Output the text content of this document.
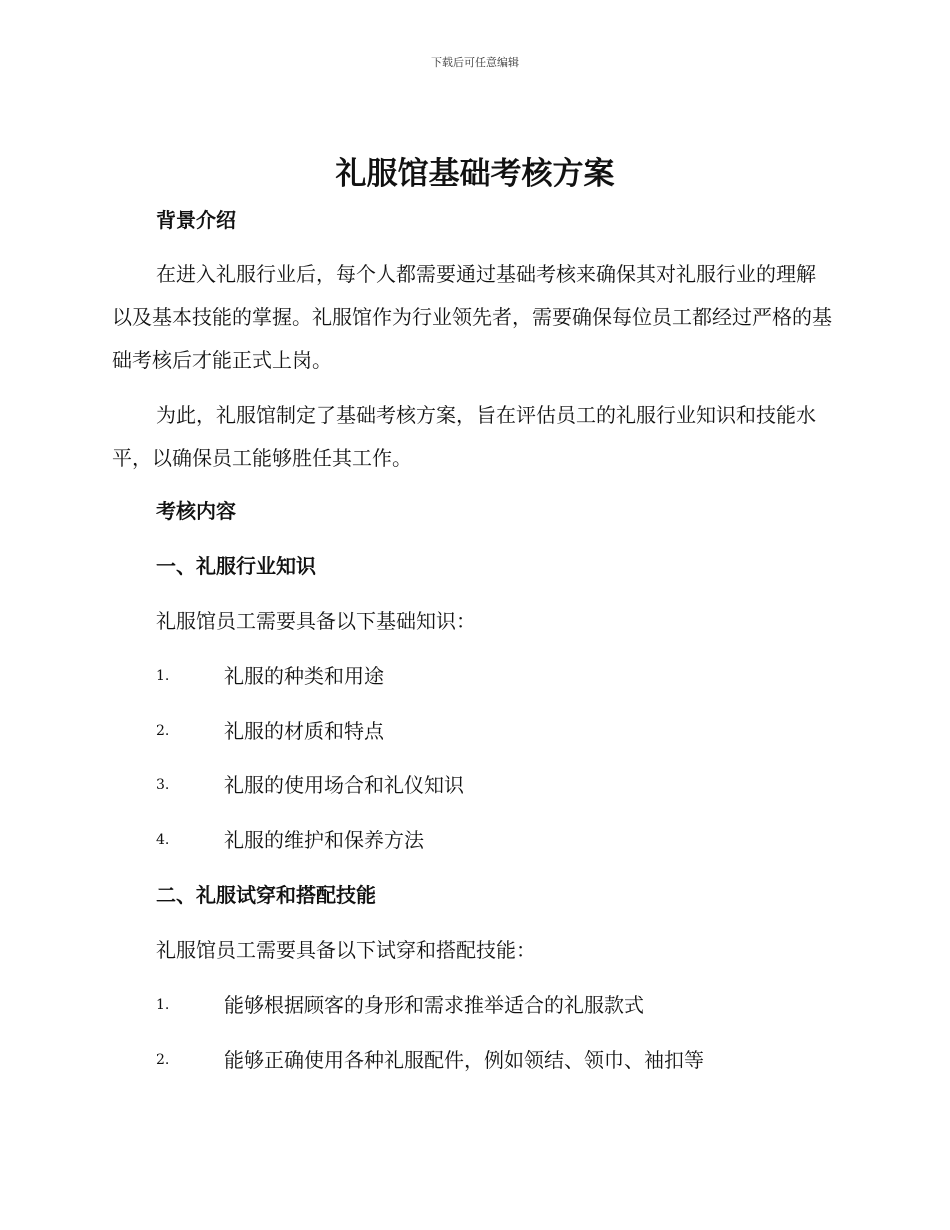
下载后可任意编辑
礼服馆基础考核方案
背景介绍

在进入礼服行业后，每个人都需要通过基础考核来确保其对礼服行业的理解以及基本技能的掌握。礼服馆作为行业领先者，需要确保每位员工都经过严格的基础考核后才能正式上岗。

为此，礼服馆制定了基础考核方案，旨在评估员工的礼服行业知识和技能水平，以确保员工能够胜任其工作。

考核内容
一、礼服行业知识

礼服馆员工需要具备以下基础知识：

1.	礼服的种类和用途
2.	礼服的材质和特点
3.	礼服的使用场合和礼仪知识
4.	礼服的维护和保养方法
二、礼服试穿和搭配技能

礼服馆员工需要具备以下试穿和搭配技能：

1.	能够根据顾客的身形和需求推举适合的礼服款式
2.	能够正确使用各种礼服配件，例如领结、领巾、袖扣等
